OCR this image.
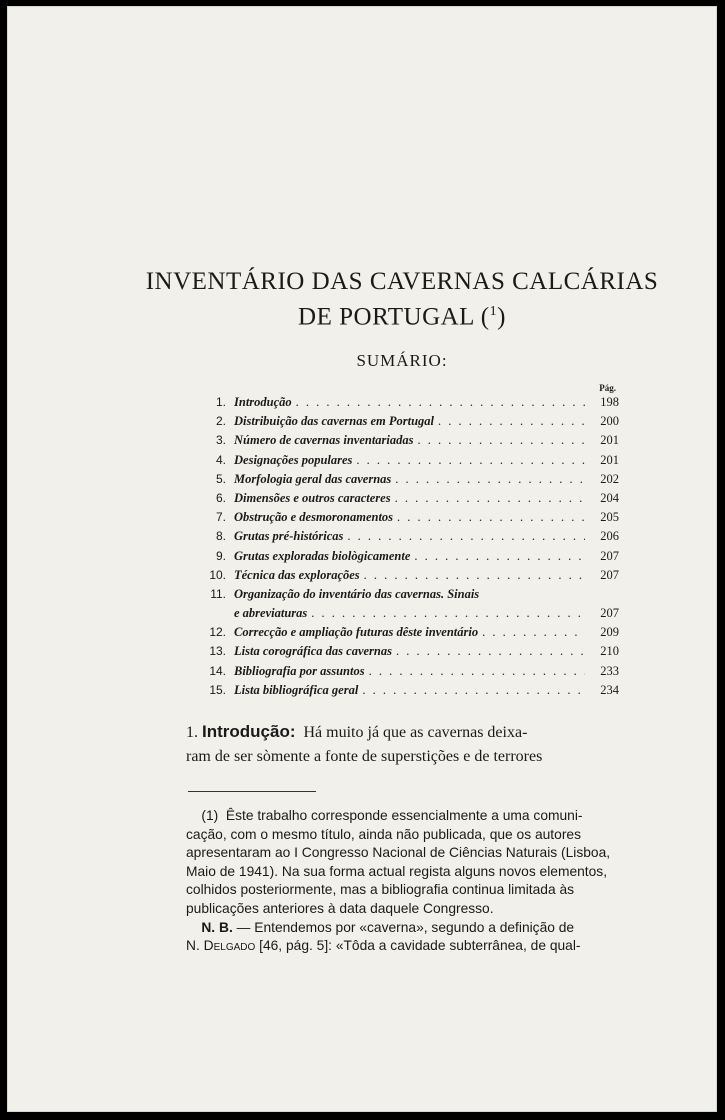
INVENTÁRIO DAS CAVERNAS CALCÁRIAS
DE PORTUGAL ($^1$)
SUMÁRIO:
Pág.
1. Introdução . . .	198
2. Distribuição das cavernas em Portugal . . .	200
3. Número de cavernas inventariadas . . .	201
4. Designações populares . . .	201
5. Morfologia geral das cavernas . . .	202
6. Dimensões e outros caracteres . . .	204
7. Obstrução e desmoronamentos . . .	205
8. Grutas pré-históricas . . .	206
9. Grutas exploradas biològicamente . . .	207
10. Técnica das explorações . . .	207
11. Organização do inventário das cavernas. Sinais
e abreviaturas . . .	207
12. Correcção e ampliação futuras dêste inventário . . .	209
13. Lista corográfica das cavernas . . .	210
14. Bibliografia por assuntos . . .	233
15. Lista bibliográfica geral . . .	234
1. Introdução: Há muito já que as cavernas deixa-
ram de ser sòmente a fonte de superstições e de terrores
(1) Êste trabalho corresponde essencialmente a uma comuni-
cação, com o mesmo título, ainda não publicada, que os autores
apresentaram ao I Congresso Nacional de Ciências Naturais (Lisboa,
Maio de 1941). Na sua forma actual regista alguns novos elementos,
colhidos posteriormente, mas a bibliografia continua limitada às
publicações anteriores à data daquele Congresso.
N. B. — Entendemos por «caverna», segundo a definição de
N. Delgado [46, pág. 5]: «Tôda a cavidade subterrânea, de qual-
